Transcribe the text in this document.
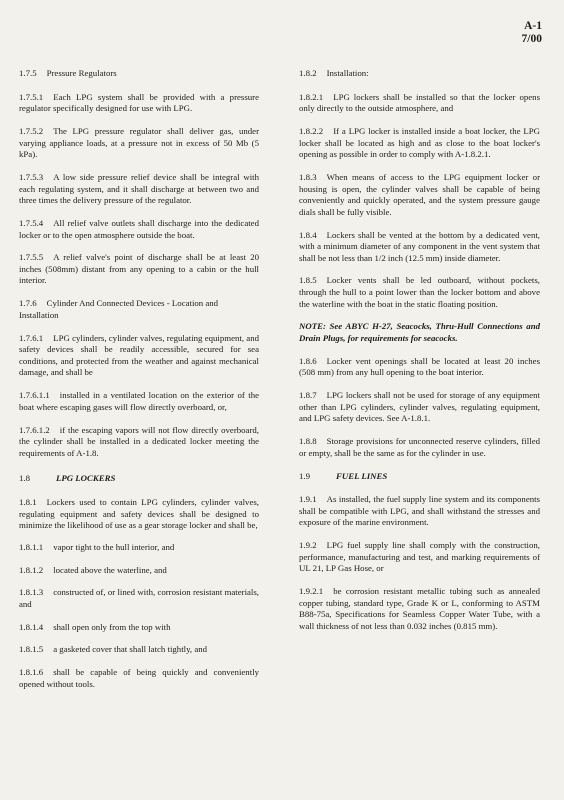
A-1
7/00
1.7.5 Pressure Regulators
1.7.5.1 Each LPG system shall be provided with a pressure regulator specifically designed for use with LPG.
1.7.5.2 The LPG pressure regulator shall deliver gas, under varying appliance loads, at a pressure not in excess of 50 Mb (5 kPa).
1.7.5.3 A low side pressure relief device shall be integral with each regulating system, and it shall discharge at between two and three times the delivery pressure of the regulator.
1.7.5.4 All relief valve outlets shall discharge into the dedicated locker or to the open atmosphere outside the boat.
1.7.5.5 A relief valve's point of discharge shall be at least 20 inches (508mm) distant from any opening to a cabin or the hull interior.
1.7.6 Cylinder And Connected Devices - Location and Installation
1.7.6.1 LPG cylinders, cylinder valves, regulating equipment, and safety devices shall be readily accessible, secured for sea conditions, and protected from the weather and against mechanical damage, and shall be
1.7.6.1.1 installed in a ventilated location on the exterior of the boat where escaping gases will flow directly overboard, or,
1.7.6.1.2 if the escaping vapors will not flow directly overboard, the cylinder shall be installed in a dedicated locker meeting the requirements of A-1.8.
1.8	LPG LOCKERS
1.8.1 Lockers used to contain LPG cylinders, cylinder valves, regulating equipment and safety devices shall be designed to minimize the likelihood of use as a gear storage locker and shall be,
1.8.1.1 vapor tight to the hull interior, and
1.8.1.2 located above the waterline, and
1.8.1.3 constructed of, or lined with, corrosion resistant materials, and
1.8.1.4 shall open only from the top with
1.8.1.5 a gasketed cover that shall latch tightly, and
1.8.1.6 shall be capable of being quickly and conveniently opened without tools.
1.8.2 Installation:
1.8.2.1 LPG lockers shall be installed so that the locker opens only directly to the outside atmosphere, and
1.8.2.2 If a LPG locker is installed inside a boat locker, the LPG locker shall be located as high and as close to the boat locker's opening as possible in order to comply with A-1.8.2.1.
1.8.3 When means of access to the LPG equipment locker or housing is open, the cylinder valves shall be capable of being conveniently and quickly operated, and the system pressure gauge dials shall be fully visible.
1.8.4 Lockers shall be vented at the bottom by a dedicated vent, with a minimum diameter of any component in the vent system that shall be not less than 1/2 inch (12.5 mm) inside diameter.
1.8.5 Locker vents shall be led outboard, without pockets, through the hull to a point lower than the locker bottom and above the waterline with the boat in the static floating position.
NOTE: See ABYC H-27, Seacocks, Thru-Hull Connections and Drain Plugs, for requirements for seacocks.
1.8.6 Locker vent openings shall be located at least 20 inches (508 mm) from any hull opening to the boat interior.
1.8.7 LPG lockers shall not be used for storage of any equipment other than LPG cylinders, cylinder valves, regulating equipment, and LPG safety devices. See A-1.8.1.
1.8.8 Storage provisions for unconnected reserve cylinders, filled or empty, shall be the same as for the cylinder in use.
1.9	FUEL LINES
1.9.1 As installed, the fuel supply line system and its components shall be compatible with LPG, and shall withstand the stresses and exposure of the marine environment.
1.9.2 LPG fuel supply line shall comply with the construction, performance, manufacturing and test, and marking requirements of UL 21, LP Gas Hose, or
1.9.2.1 be corrosion resistant metallic tubing such as annealed copper tubing, standard type, Grade K or L, conforming to ASTM B88-75a, Specifications for Seamless Copper Water Tube, with a wall thickness of not less than 0.032 inches (0.815 mm).
